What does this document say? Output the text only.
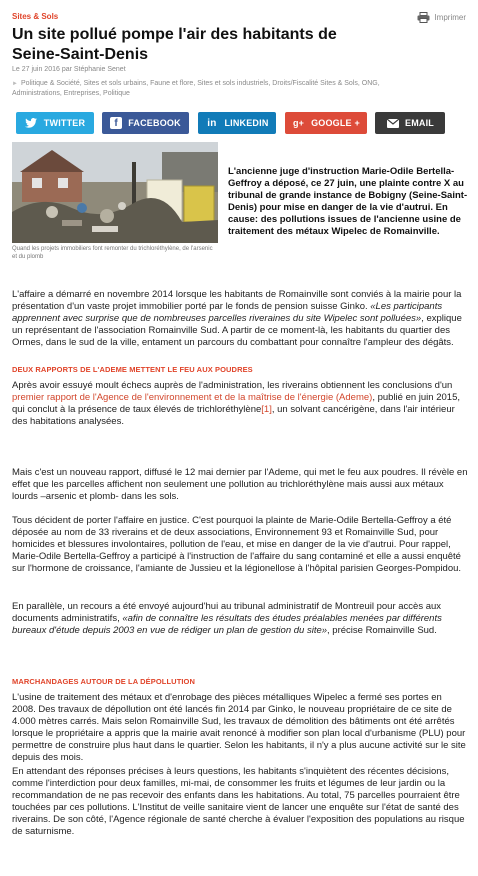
Sites & Sols	Imprimer
Un site pollué pompe l'air des habitants de Seine-Saint-Denis
Le 27 juin 2016 par Stéphanie Senet
► Politique & Société, Sites et sols urbains, Faune et flore, Sites et sols industriels, Droits/Fiscalité Sites & Sols, ONG, Administrations, Entreprises, Politique
TWITTER	f	FACEBOOK	in LINKEDIN	g+ GOOGLE +	EMAIL
Quand les projets immobiliers font remonter du trichloréthylène, de l'arsenic et du plomb

L'ancienne juge d'instruction Marie-Odile Bertella-Geffroy a déposé, ce 27 juin, une plainte contre X au tribunal de grande instance de Bobigny (Seine-Saint-Denis) pour mise en danger de la vie d'autrui. En cause: des pollutions issues de l'ancienne usine de traitement des métaux Wipelec de Romainville.

L'affaire a démarré en novembre 2014 lorsque les habitants de Romainville sont conviés à la mairie pour la présentation d'un vaste projet immobilier porté par le fonds de pension suisse Ginko. «Les participants apprennent avec surprise que de nombreuses parcelles riveraines du site Wipelec sont polluées», explique un représentant de l'association Romainville Sud. A partir de ce moment-là, les habitants du quartier des Ormes, dans le sud de la ville, entament un parcours du combattant pour connaître l'ampleur des dégâts.

DEUX RAPPORTS DE L'ADEME METTENT LE FEU AUX POUDRES

Après avoir essuyé moult échecs auprès de l'administration, les riverains obtiennent les conclusions d'un premier rapport de l'Agence de l'environnement et de la maîtrise de l'énergie (Ademe), publié en juin 2015, qui conclut à la présence de taux élevés de trichloréthylène[1], un solvant cancérigène, dans l'air intérieur des habitations analysées.

Mais c'est un nouveau rapport, diffusé le 12 mai dernier par l'Ademe, qui met le feu aux poudres. Il révèle en effet que les parcelles affichent non seulement une pollution au trichloréthylène mais aussi aux métaux lourds –arsenic et plomb- dans les sols.

Tous décident de porter l'affaire en justice. C'est pourquoi la plainte de Marie-Odile Bertella-Geffroy a été déposée au nom de 33 riverains et de deux associations, Environnement 93 et Romainville Sud, pour homicides et blessures involontaires, pollution de l'eau, et mise en danger de la vie d'autrui. Pour rappel, Marie-Odile Bertella-Geffroy a participé à l'instruction de l'affaire du sang contaminé et elle a aussi enquêté sur l'hormone de croissance, l'amiante de Jussieu et la légionellose à l'hôpital parisien Georges-Pompidou.

En parallèle, un recours a été envoyé aujourd'hui au tribunal administratif de Montreuil pour accès aux documents administratifs, «afin de connaître les résultats des études préalables menées par différents bureaux d'étude depuis 2003 en vue de rédiger un plan de gestion du site», précise Romainville Sud.

MARCHANDAGES AUTOUR DE LA DÉPOLLUTION

L'usine de traitement des métaux et d'enrobage des pièces métalliques Wipelec a fermé ses portes en 2008. Des travaux de dépollution ont été lancés fin 2014 par Ginko, le nouveau propriétaire de ce site de 4.000 mètres carrés. Mais selon Romainville Sud, les travaux de démolition des bâtiments ont été arrêtés lorsque le propriétaire a appris que la mairie avait renoncé à modifier son plan local d'urbanisme (PLU) pour permettre de construire plus haut dans le quartier. Selon les habitants, il n'y a plus aucune activité sur le site depuis des mois.

En attendant des réponses précises à leurs questions, les habitants s'inquiètent des récentes décisions, comme l'interdiction pour deux familles, mi-mai, de consommer les fruits et légumes de leur jardin ou la recommandation de ne pas recevoir des enfants dans les habitations. Au total, 75 parcelles pourraient être touchées par ces pollutions. L'Institut de veille sanitaire vient de lancer une enquête sur l'état de santé des riverains. De son côté, l'Agence régionale de santé cherche à évaluer l'exposition des populations au risque de saturnisme.
